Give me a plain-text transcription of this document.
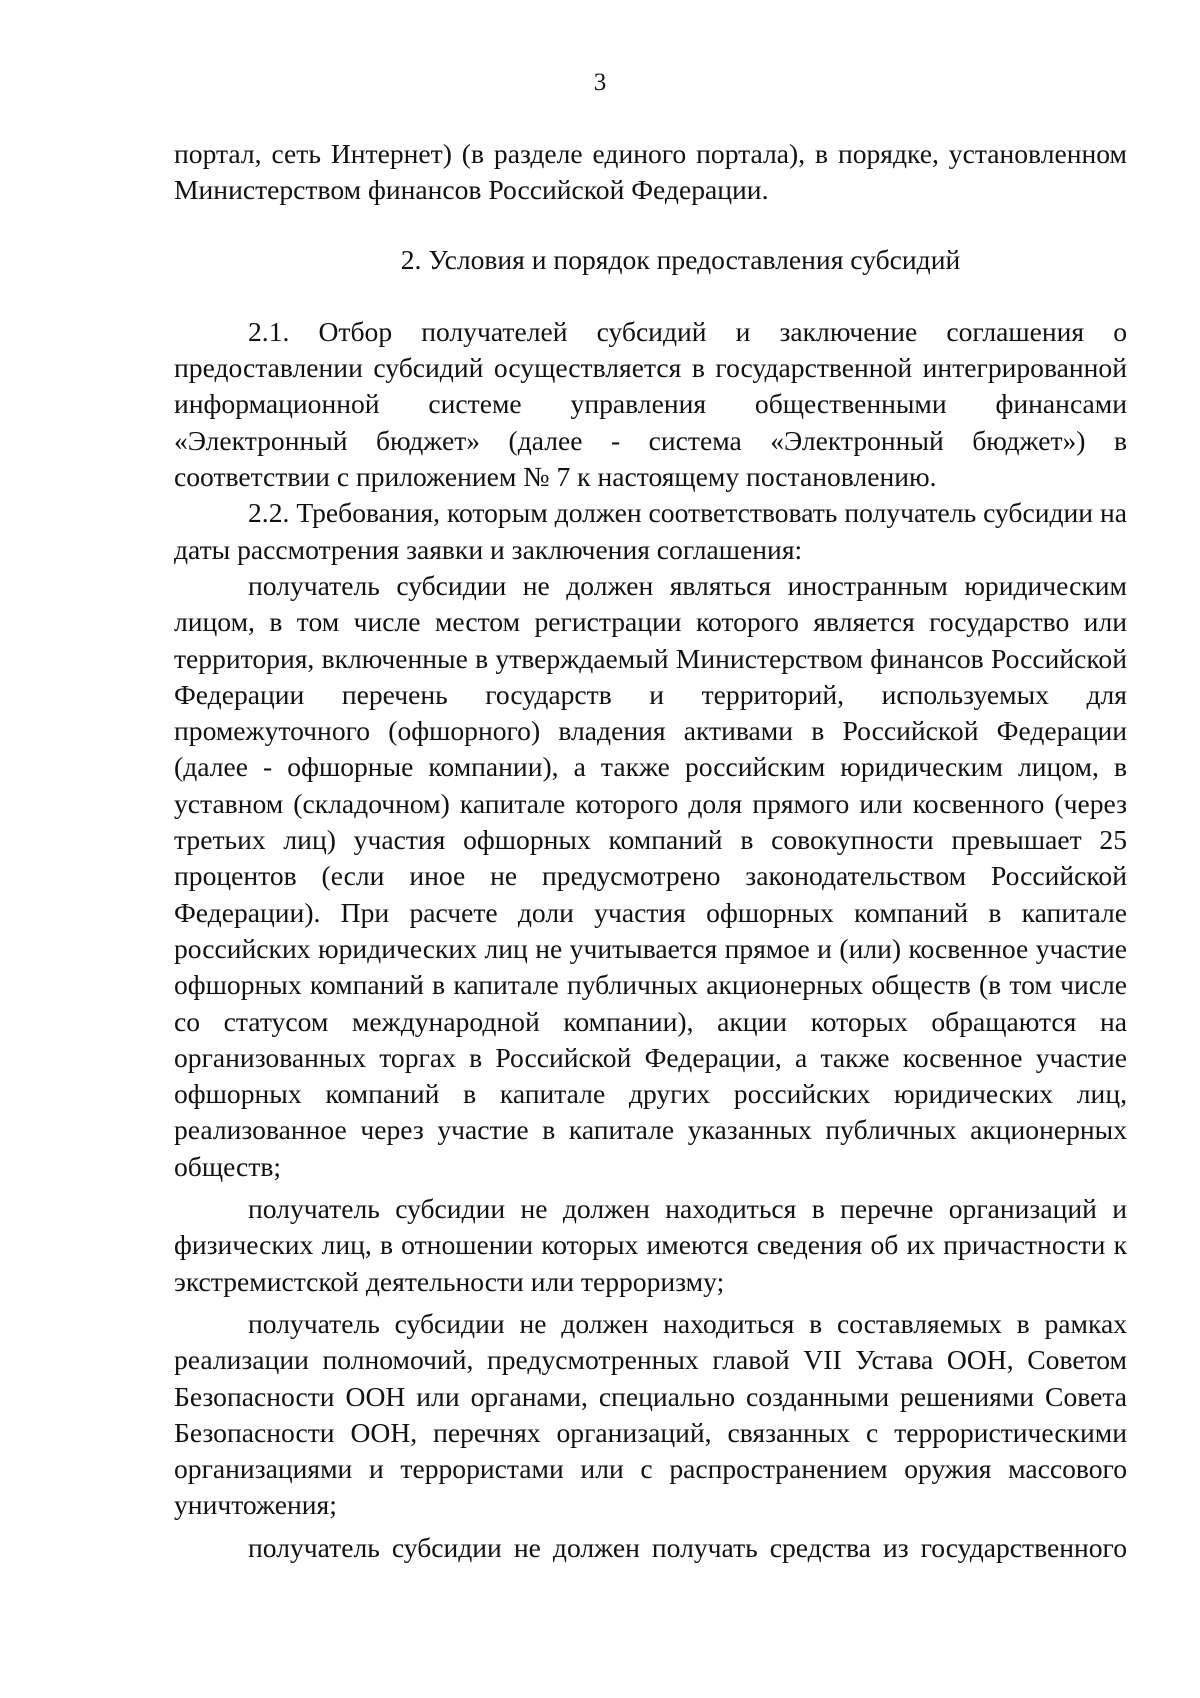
3

портал, сеть Интернет) (в разделе единого портала), в порядке, установленном Министерством финансов Российской Федерации.

2. Условия и порядок предоставления субсидий

2.1. Отбор получателей субсидий и заключение соглашения о предоставлении субсидий осуществляется в государственной интегрированной информационной системе управления общественными финансами «Электронный бюджет» (далее - система «Электронный бюджет») в соответствии с приложением № 7 к настоящему постановлению.

2.2. Требования, которым должен соответствовать получатель субсидии на даты рассмотрения заявки и заключения соглашения:

получатель субсидии не должен являться иностранным юридическим лицом, в том числе местом регистрации которого является государство или территория, включенные в утверждаемый Министерством финансов Российской Федерации перечень государств и территорий, используемых для промежуточного (офшорного) владения активами в Российской Федерации (далее - офшорные компании), а также российским юридическим лицом, в уставном (складочном) капитале которого доля прямого или косвенного (через третьих лиц) участия офшорных компаний в совокупности превышает 25 процентов (если иное не предусмотрено законодательством Российской Федерации). При расчете доли участия офшорных компаний в капитале российских юридических лиц не учитывается прямое и (или) косвенное участие офшорных компаний в капитале публичных акционерных обществ (в том числе со статусом международной компании), акции которых обращаются на организованных торгах в Российской Федерации, а также косвенное участие офшорных компаний в капитале других российских юридических лиц, реализованное через участие в капитале указанных публичных акционерных обществ;

получатель субсидии не должен находиться в перечне организаций и физических лиц, в отношении которых имеются сведения об их причастности к экстремистской деятельности или терроризму;

получатель субсидии не должен находиться в составляемых в рамках реализации полномочий, предусмотренных главой VII Устава ООН, Советом Безопасности ООН или органами, специально созданными решениями Совета Безопасности ООН, перечнях организаций, связанных с террористическими организациями и террористами или с распространением оружия массового уничтожения;

получатель субсидии не должен получать средства из государственного
